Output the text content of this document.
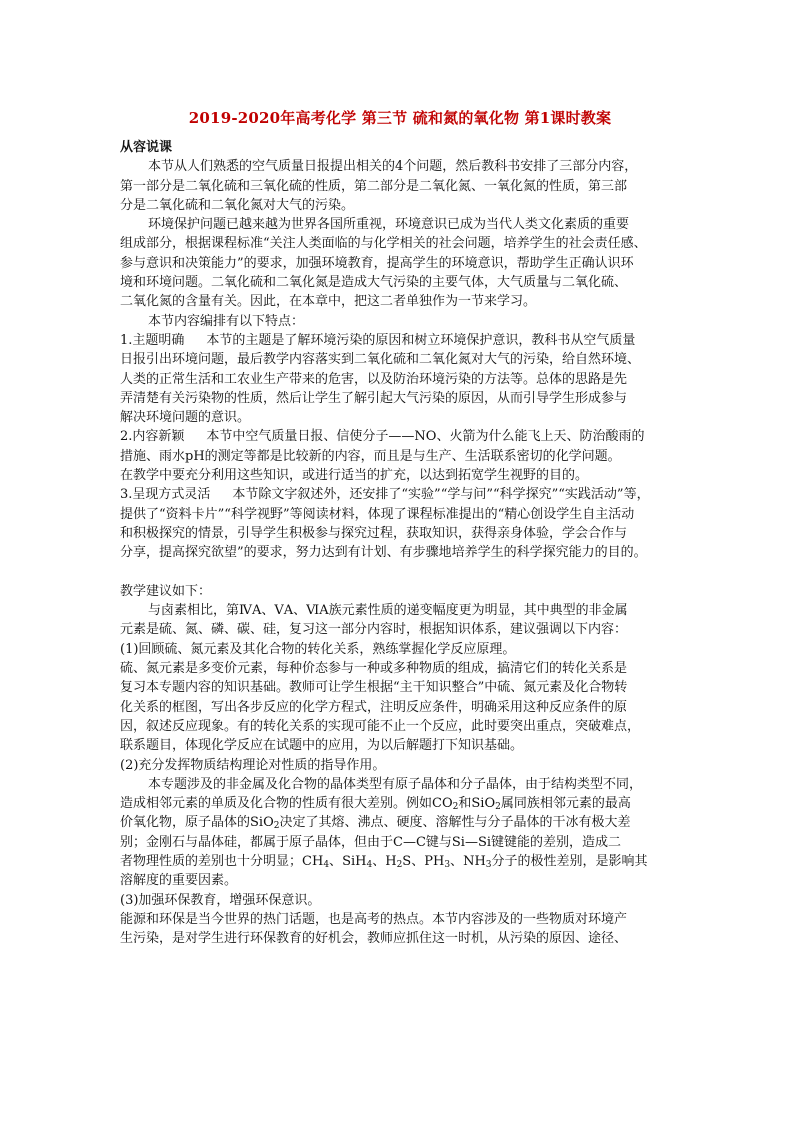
2019-2020年高考化学 第三节 硫和氮的氧化物 第1课时教案
从容说课
本节从人们熟悉的空气质量日报提出相关的4个问题，然后教科书安排了三部分内容，
第一部分是二氧化硫和三氧化硫的性质，第二部分是二氧化氮、一氧化氮的性质，第三部
分是二氧化硫和二氧化氮对大气的污染。
环境保护问题已越来越为世界各国所重视，环境意识已成为当代人类文化素质的重要
组成部分，根据课程标准“关注人类面临的与化学相关的社会问题，培养学生的社会责任感、
参与意识和决策能力”的要求，加强环境教育，提高学生的环境意识，帮助学生正确认识环
境和环境问题。二氧化硫和二氧化氮是造成大气污染的主要气体，大气质量与二氧化硫、
二氧化氮的含量有关。因此，在本章中，把这二者单独作为一节来学习。
本节内容编排有以下特点：
1.主题明确 本节的主题是了解环境污染的原因和树立环境保护意识，教科书从空气质量
日报引出环境问题，最后教学内容落实到二氧化硫和二氧化氮对大气的污染，给自然环境、
人类的正常生活和工农业生产带来的危害，以及防治环境污染的方法等。总体的思路是先
弄清楚有关污染物的性质，然后让学生了解引起大气污染的原因，从而引导学生形成参与
解决环境问题的意识。
2.内容新颖 本节中空气质量日报、信使分子——NO、火箭为什么能飞上天、防治酸雨的
措施、雨水pH的测定等都是比较新的内容，而且是与生产、生活联系密切的化学问题。
在教学中要充分利用这些知识，或进行适当的扩充，以达到拓宽学生视野的目的。
3.呈现方式灵活 本节除文字叙述外，还安排了“实验”“学与问”“科学探究”“实践活动”等，
提供了“资料卡片”“科学视野”等阅读材料，体现了课程标准提出的“精心创设学生自主活动
和积极探究的情景，引导学生积极参与探究过程，获取知识，获得亲身体验，学会合作与
分享，提高探究欲望”的要求，努力达到有计划、有步骤地培养学生的科学探究能力的目的。
教学建议如下：
与卤素相比，第ⅣA、ⅤA、ⅥA族元素性质的递变幅度更为明显，其中典型的非金属
元素是硫、氮、磷、碳、硅，复习这一部分内容时，根据知识体系，建议强调以下内容：
(1)回顾硫、氮元素及其化合物的转化关系，熟练掌握化学反应原理。
硫、氮元素是多变价元素，每种价态参与一种或多种物质的组成，搞清它们的转化关系是
复习本专题内容的知识基础。教师可让学生根据“主干知识整合”中硫、氮元素及化合物转
化关系的框图，写出各步反应的化学方程式，注明反应条件，明确采用这种反应条件的原
因，叙述反应现象。有的转化关系的实现可能不止一个反应，此时要突出重点，突破难点，
联系题目，体现化学反应在试题中的应用，为以后解题打下知识基础。
(2)充分发挥物质结构理论对性质的指导作用。
本专题涉及的非金属及化合物的晶体类型有原子晶体和分子晶体，由于结构类型不同，
造成相邻元素的单质及化合物的性质有很大差别。例如$CO_2$和SiO$_2$属同族相邻元素的最高
价氧化物，原子晶体的SiO$_2$决定了其熔、沸点、硬度、溶解性与分子晶体的干冰有极大差
别；金刚石与晶体硅，都属于原子晶体，但由于C—C键与Si—Si键键能的差别，造成二
者物理性质的差别也十分明显；$CH_4$、SiH$_4$、$H_2S$、$PH_3$、$NH_3$分子的极性差别，是影响其
溶解度的重要因素。
(3)加强环保教育，增强环保意识。
能源和环保是当今世界的热门话题，也是高考的热点。本节内容涉及的一些物质对环境产
生污染，是对学生进行环保教育的好机会，教师应抓住这一时机，从污染的原因、途径、
